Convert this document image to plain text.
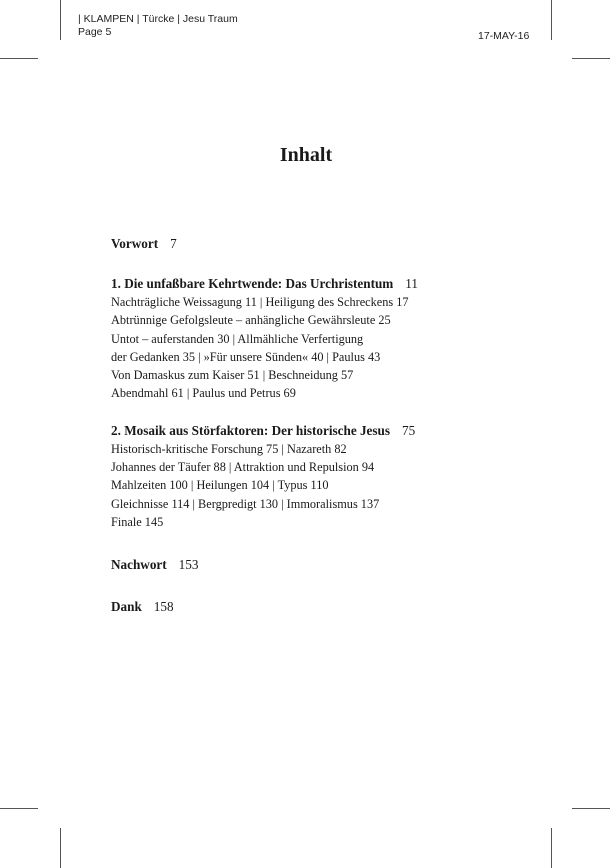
| KLAMPEN | Türcke | Jesu Traum
Page 5	17-MAY-16
Inhalt

Vorwort 7

1. Die unfaßbare Kehrtwende: Das Urchristentum 11

Nachträgliche Weissagung 11 | Heiligung des Schreckens 17
Abtrünnige Gefolgsleute – anhängliche Gewährsleute 25
Untot – auferstanden 30 | Allmähliche Verfertigung
der Gedanken 35 | »Für unsere Sünden« 40 | Paulus 43
Von Damaskus zum Kaiser 51 | Beschneidung 57
Abendmahl 61 | Paulus und Petrus 69

2. Mosaik aus Störfaktoren: Der historische Jesus 75

Historisch-kritische Forschung 75 | Nazareth 82
Johannes der Täufer 88 | Attraktion und Repulsion 94
Mahlzeiten 100 | Heilungen 104 | Typus 110
Gleichnisse 114 | Bergpredigt 130 | Immoralismus 137
Finale 145

Nachwort 153

Dank 158
